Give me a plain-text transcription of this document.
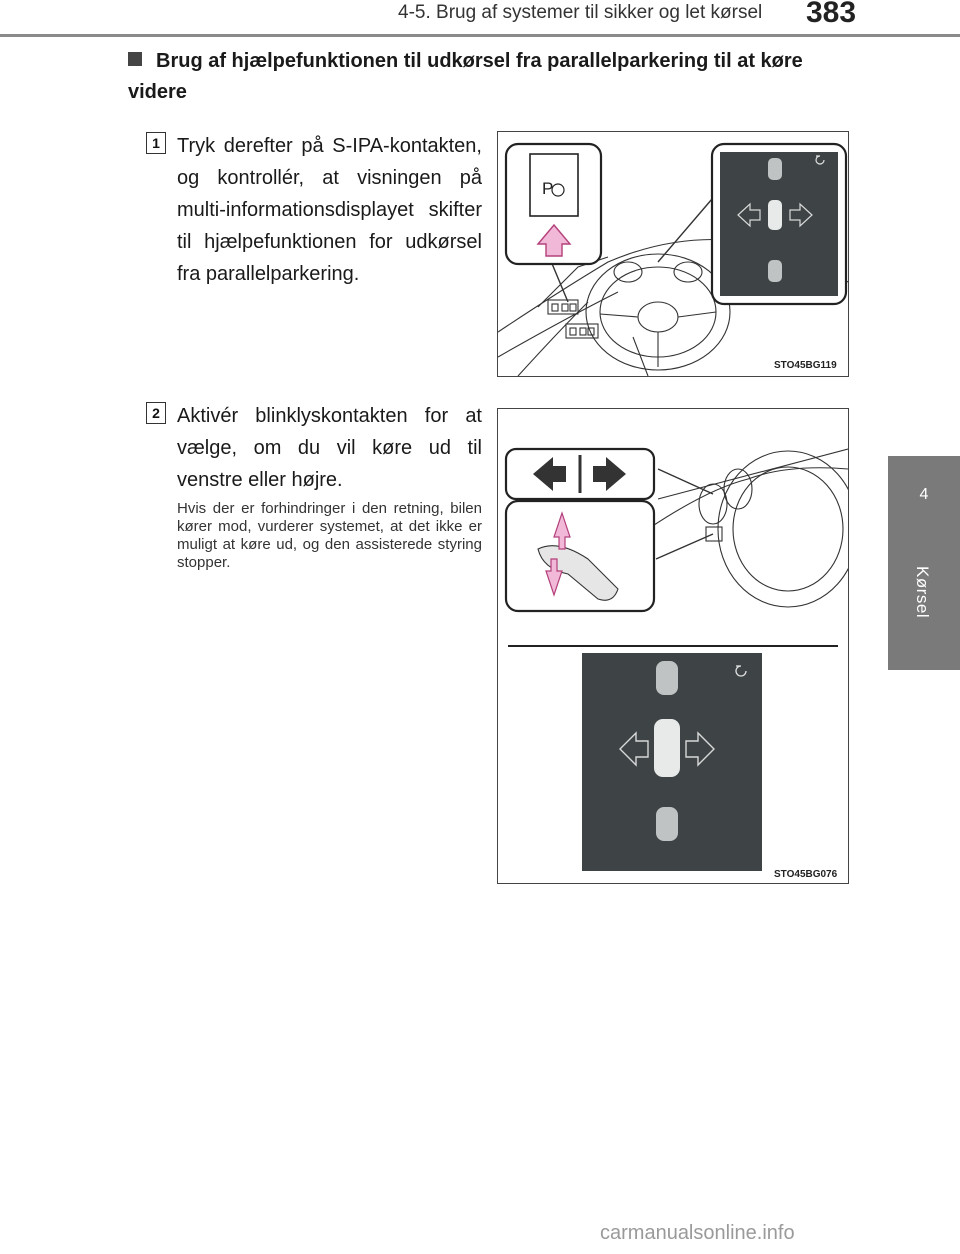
4-5. Brug af systemer til sikker og let kørsel 383
4
Kørsel
Brug af hjælpefunktionen til udkørsel fra parallelparkering til at køre videre
1 Tryk derefter på S-IPA-kontakten, og kontrollér, at visningen på multi-informationsdisplayet skifter til hjælpefunktionen for udkørsel fra parallelparkering.
P
STO45BG119
2 Aktivér blinklyskontakten for at vælge, om du vil køre ud til venstre eller højre.
Hvis der er forhindringer i den retning, bilen kører mod, vurderer systemet, at det ikke er muligt at køre ud, og den assisterede styring stopper.
STO45BG076
carmanualsonline.info
